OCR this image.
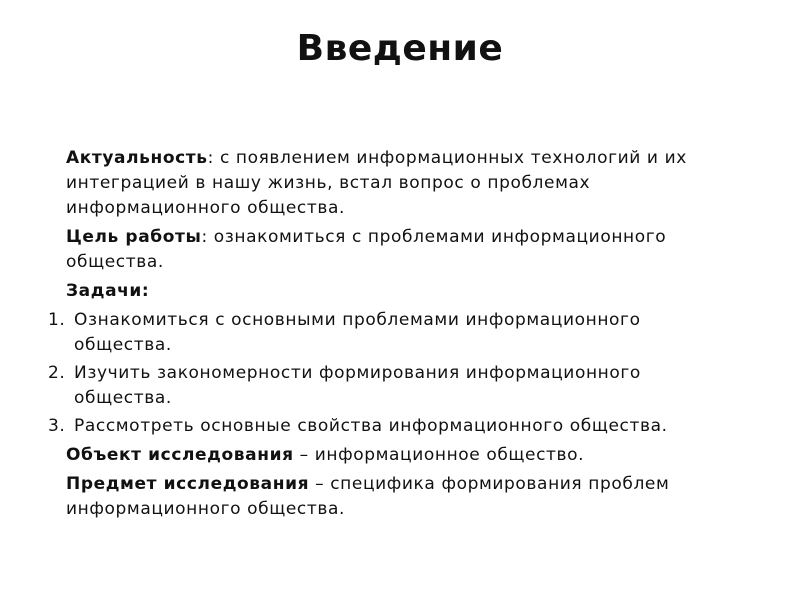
Введение

Актуальность: с появлением информационных технологий и их интеграцией в нашу жизнь, встал вопрос о проблемах информационного общества.

Цель работы: ознакомиться с проблемами информационного общества.

Задачи:

1. Ознакомиться с основными проблемами информационного общества.
2. Изучить закономерности формирования информационного общества.
3. Рассмотреть основные свойства информационного общества.

Объект исследования – информационное общество.

Предмет исследования – специфика формирования проблем информационного общества.
